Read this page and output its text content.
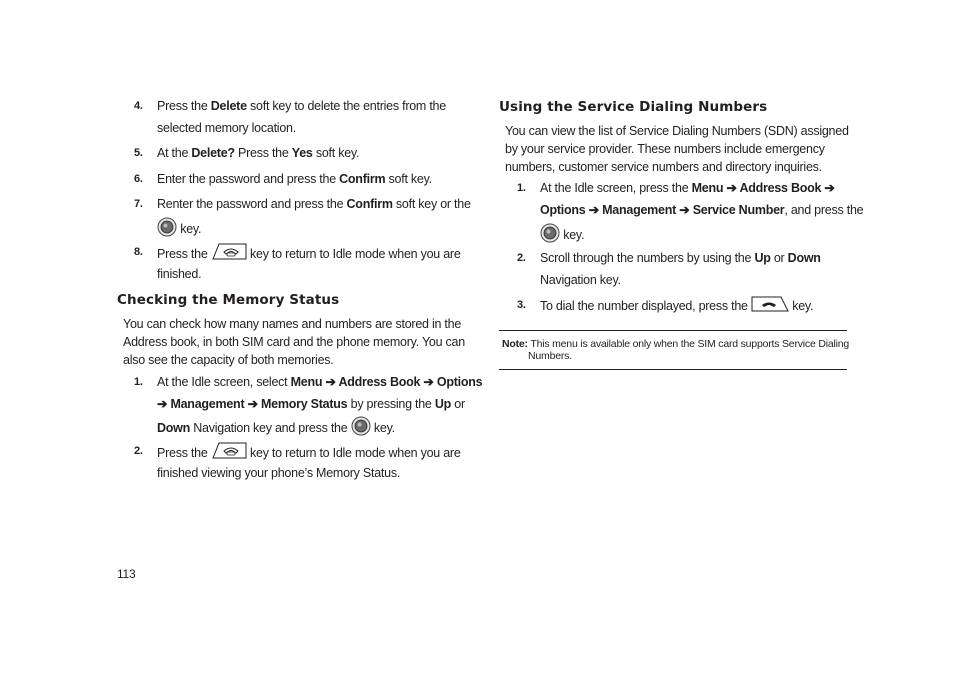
4. Press the Delete soft key to delete the entries from the
selected memory location.
5. At the Delete? Press the Yes soft key.
6. Enter the password and press the Confirm soft key.
7. Renter the password and press the Confirm soft key or the
key.
8. Press the	key to return to Idle mode when you are
finished.
Checking the Memory Status
You can check how many names and numbers are stored in the
Address book, in both SIM card and the phone memory. You can
also see the capacity of both memories.
1. At the Idle screen, select Menu ➔ Address Book ➔ Options
➔ Management ➔ Memory Status by pressing the Up or
Down Navigation key and press the  key.
2. Press the	key to return to Idle mode when you are
finished viewing your phone’s Memory Status.
Using the Service Dialing Numbers
You can view the list of Service Dialing Numbers (SDN) assigned
by your service provider. These numbers include emergency
numbers, customer service numbers and directory inquiries.
1. At the Idle screen, press the Menu ➔ Address Book ➔
Options ➔ Management ➔ Service Number, and press the
key.
2. Scroll through the numbers by using the Up or Down
Navigation key.
3. To dial the number displayed, press the	key.
Note: This menu is available only when the SIM card supports Service Dialing
Numbers.
113
